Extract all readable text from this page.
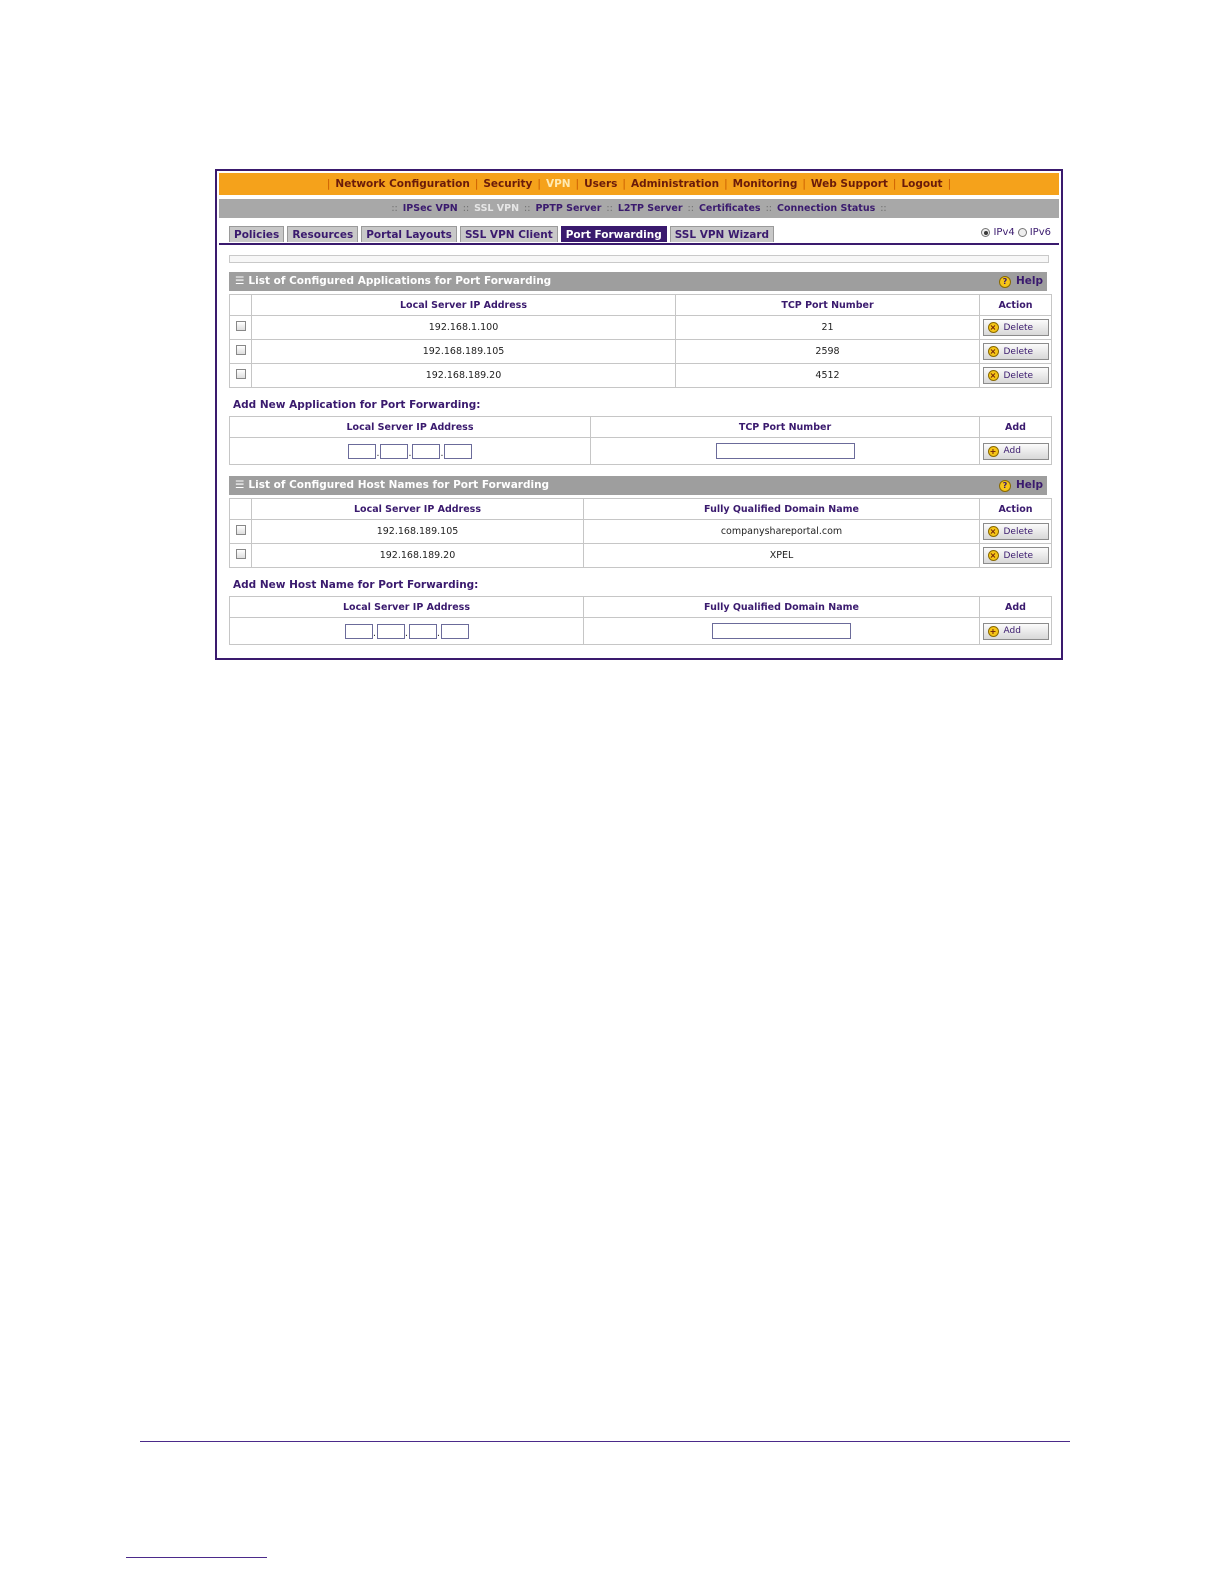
| Network Configuration | Security | VPN | Users | Administration | Monitoring | Web Support | Logout |
:: IPSec VPN :: SSL VPN :: PPTP Server :: L2TP Server :: Certificates :: Connection Status ::
Policies	Resources	Portal Layouts	SSL VPN Client	Port Forwarding	SSL VPN Wizard	IPv4 IPv6
☰ List of Configured Applications for Port Forwarding	? Help
	Local Server IP Address	TCP Port Number	Action
	192.168.1.100	21	× Delete

	192.168.189.105	2598	× Delete

	192.168.189.20	4512	× Delete
Add New Application for Port Forwarding:
Local Server IP Address	TCP Port Number	Add
. . .		+ Add
☰ List of Configured Host Names for Port Forwarding	? Help
	Local Server IP Address	Fully Qualified Domain Name	Action
	192.168.189.105	companyshareportal.com	× Delete

	192.168.189.20	XPEL	× Delete
Add New Host Name for Port Forwarding:
Local Server IP Address	Fully Qualified Domain Name	Add
. . .		+ Add
